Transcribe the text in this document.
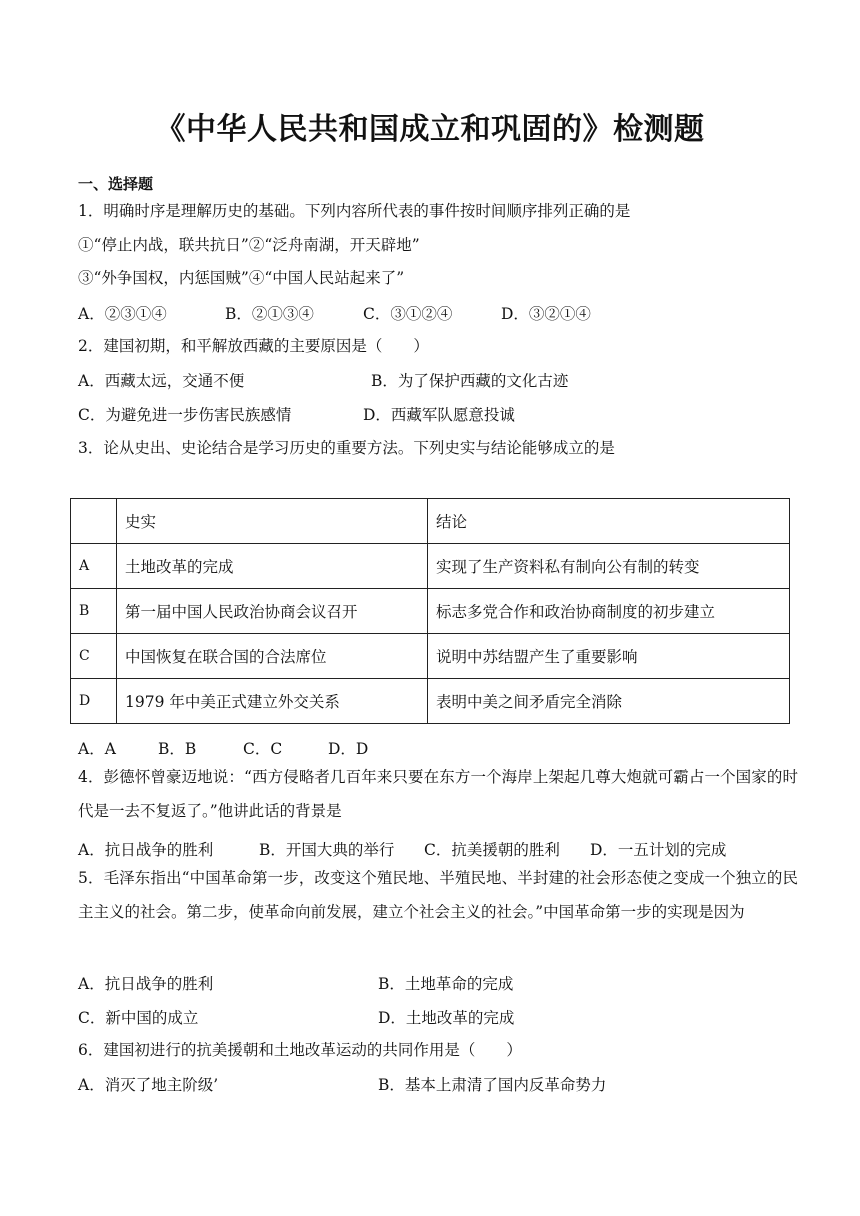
《中华人民共和国成立和巩固的》检测题
一、选择题
1．明确时序是理解历史的基础。下列内容所代表的事件按时间顺序排列正确的是
①“停止内战，联共抗日”②“泛舟南湖，开天辟地”
③“外争国权，内惩国贼”④“中国人民站起来了”
A．②③①④	B．②①③④	C．③①②④	D．③②①④
2．建国初期，和平解放西藏的主要原因是（　　）
A．西藏太远，交通不便	B．为了保护西藏的文化古迹
C．为避免进一步伤害民族感情	D．西藏军队愿意投诚
3．论从史出、史论结合是学习历史的重要方法。下列史实与结论能够成立的是
	史实	结论
A	土地改革的完成	实现了生产资料私有制向公有制的转变
B	第一届中国人民政治协商会议召开	标志多党合作和政治协商制度的初步建立
C	中国恢复在联合国的合法席位	说明中苏结盟产生了重要影响
D	1979 年中美正式建立外交关系	表明中美之间矛盾完全消除
A．A	B．B	C．C	D．D
4．彭德怀曾豪迈地说：“西方侵略者几百年来只要在东方一个海岸上架起几尊大炮就可霸占一个国家的时代是一去不复返了。”他讲此话的背景是
A．抗日战争的胜利	B．开国大典的举行 C．抗美援朝的胜利 D．一五计划的完成
5．毛泽东指出“中国革命第一步，改变这个殖民地、半殖民地、半封建的社会形态使之变成一个独立的民主主义的社会。第二步，使革命向前发展，建立个社会主义的社会。”中国革命第一步的实现是因为
A．抗日战争的胜利	B．土地革命的完成
C．新中国的成立	D．土地改革的完成
6．建国初进行的抗美援朝和土地改革运动的共同作用是（　　）
A．消灭了地主阶级’	B．基本上肃清了国内反革命势力
